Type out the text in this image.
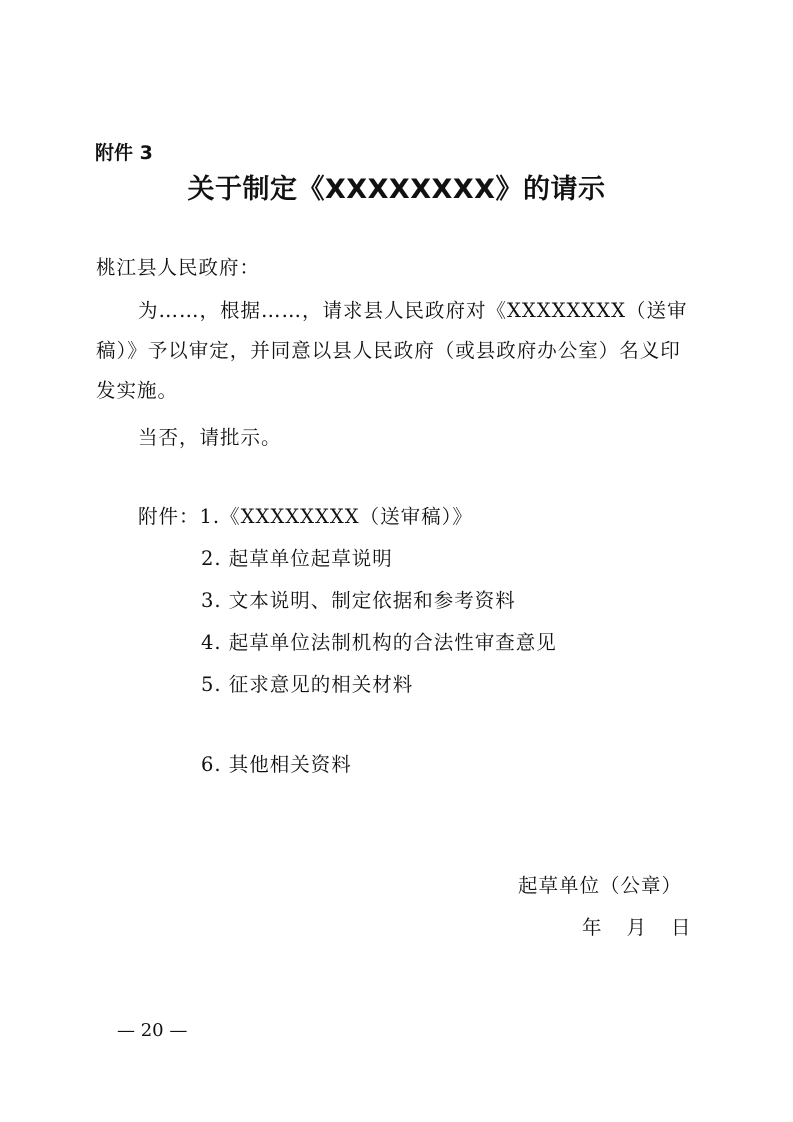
附件 3
关于制定《XXXXXXXX》的请示
桃江县人民政府：
为……，根据……，请求县人民政府对《XXXXXXXX（送审稿）》予以审定，并同意以县人民政府（或县政府办公室）名义印发实施。
当否，请批示。
附件：1.《XXXXXXXX（送审稿）》
2. 起草单位起草说明
3. 文本说明、制定依据和参考资料
4. 起草单位法制机构的合法性审查意见
5. 征求意见的相关材料
6. 其他相关资料
起草单位（公章）
年 月 日
— 20 —
